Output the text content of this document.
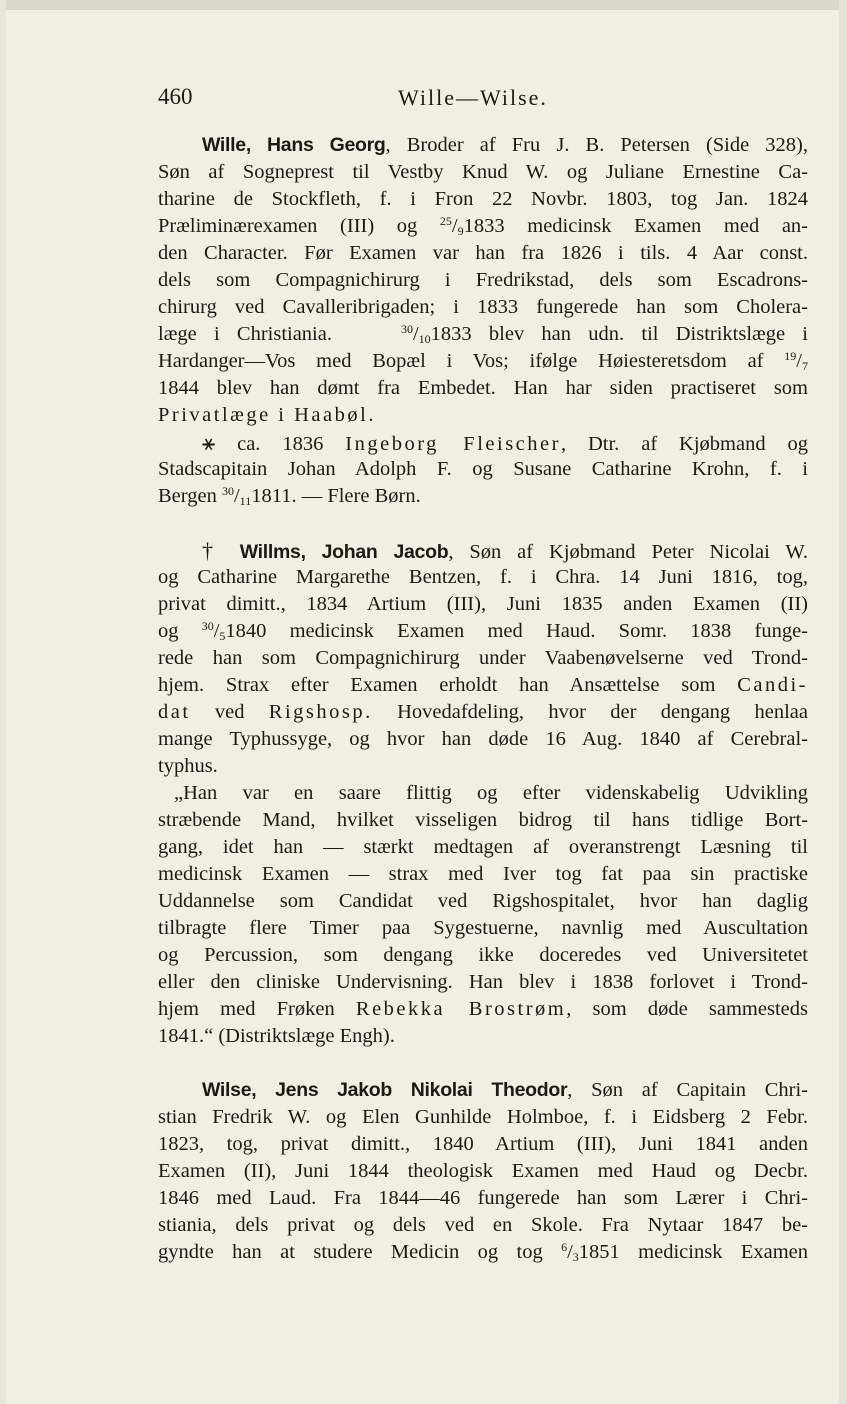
460	Wille—Wilse.
Wille, Hans Georg, Broder af Fru J. B. Petersen (Side 328),
Søn af Sogneprest til Vestby Knud W. og Juliane Ernestine Ca-
tharine de Stockfleth, f. i Fron 22 Novbr. 1803, tog Jan. 1824
Præliminærexamen (III) og $^{25}/_91833$ medicinsk Examen med an-
den Character. Før Examen var han fra 1826 i tils. 4 Aar const.
dels som Compagnichirurg i Fredrikstad, dels som Escadrons-
chirurg ved Cavalleribrigaden; i 1833 fungerede han som Cholera-
læge i Christiania.	$^{30}/_{10}1833$ blev han udn. til Distriktslæge i
Hardanger—Vos med Bopæl i Vos; ifølge Høiesteretsdom af $^{19}/_7$
1844 blev han dømt fra Embedet. Han har siden practiseret som
Privatlæge i Haabøl.
⚹ ca. 1836 Ingeborg Fleischer, Dtr. af Kjøbmand og
Stadscapitain Johan Adolph F. og Susane Catharine Krohn, f. i
Bergen $^{30}/_{11}1811$. — Flere Børn.
† Willms, Johan Jacob, Søn af Kjøbmand Peter Nicolai W.
og Catharine Margarethe Bentzen, f. i Chra. 14 Juni 1816, tog,
privat dimitt., 1834 Artium (III), Juni 1835 anden Examen (II)
og $^{30}/_51840$ medicinsk Examen med Haud. Somr. 1838 funge-
rede han som Compagnichirurg under Vaabenøvelserne ved Trond-
hjem. Strax efter Examen erholdt han Ansættelse som Candi-
dat ved Rigshosp. Hovedafdeling, hvor der dengang henlaa
mange Typhussyge, og hvor han døde 16 Aug. 1840 af Cerebral-
typhus.
„Han var en saare flittig og efter videnskabelig Udvikling
stræbende Mand, hvilket visseligen bidrog til hans tidlige Bort-
gang, idet han — stærkt medtagen af overanstrengt Læsning til
medicinsk Examen — strax med Iver tog fat paa sin practiske
Uddannelse som Candidat ved Rigshospitalet, hvor han daglig
tilbragte flere Timer paa Sygestuerne, navnlig med Auscultation
og Percussion, som dengang ikke doceredes ved Universitetet
eller den cliniske Undervisning. Han blev i 1838 forlovet i Trond-
hjem med Frøken Rebekka Brostrøm, som døde sammesteds
1841.“ (Distriktslæge Engh).
Wilse, Jens Jakob Nikolai Theodor, Søn af Capitain Chri-
stian Fredrik W. og Elen Gunhilde Holmboe, f. i Eidsberg 2 Febr.
1823, tog, privat dimitt., 1840 Artium (III), Juni 1841 anden
Examen (II), Juni 1844 theologisk Examen med Haud og Decbr.
1846 med Laud. Fra 1844—46 fungerede han som Lærer i Chri-
stiania, dels privat og dels ved en Skole. Fra Nytaar 1847 be-
gyndte han at studere Medicin og tog $^6/_31851$ medicinsk Examen
